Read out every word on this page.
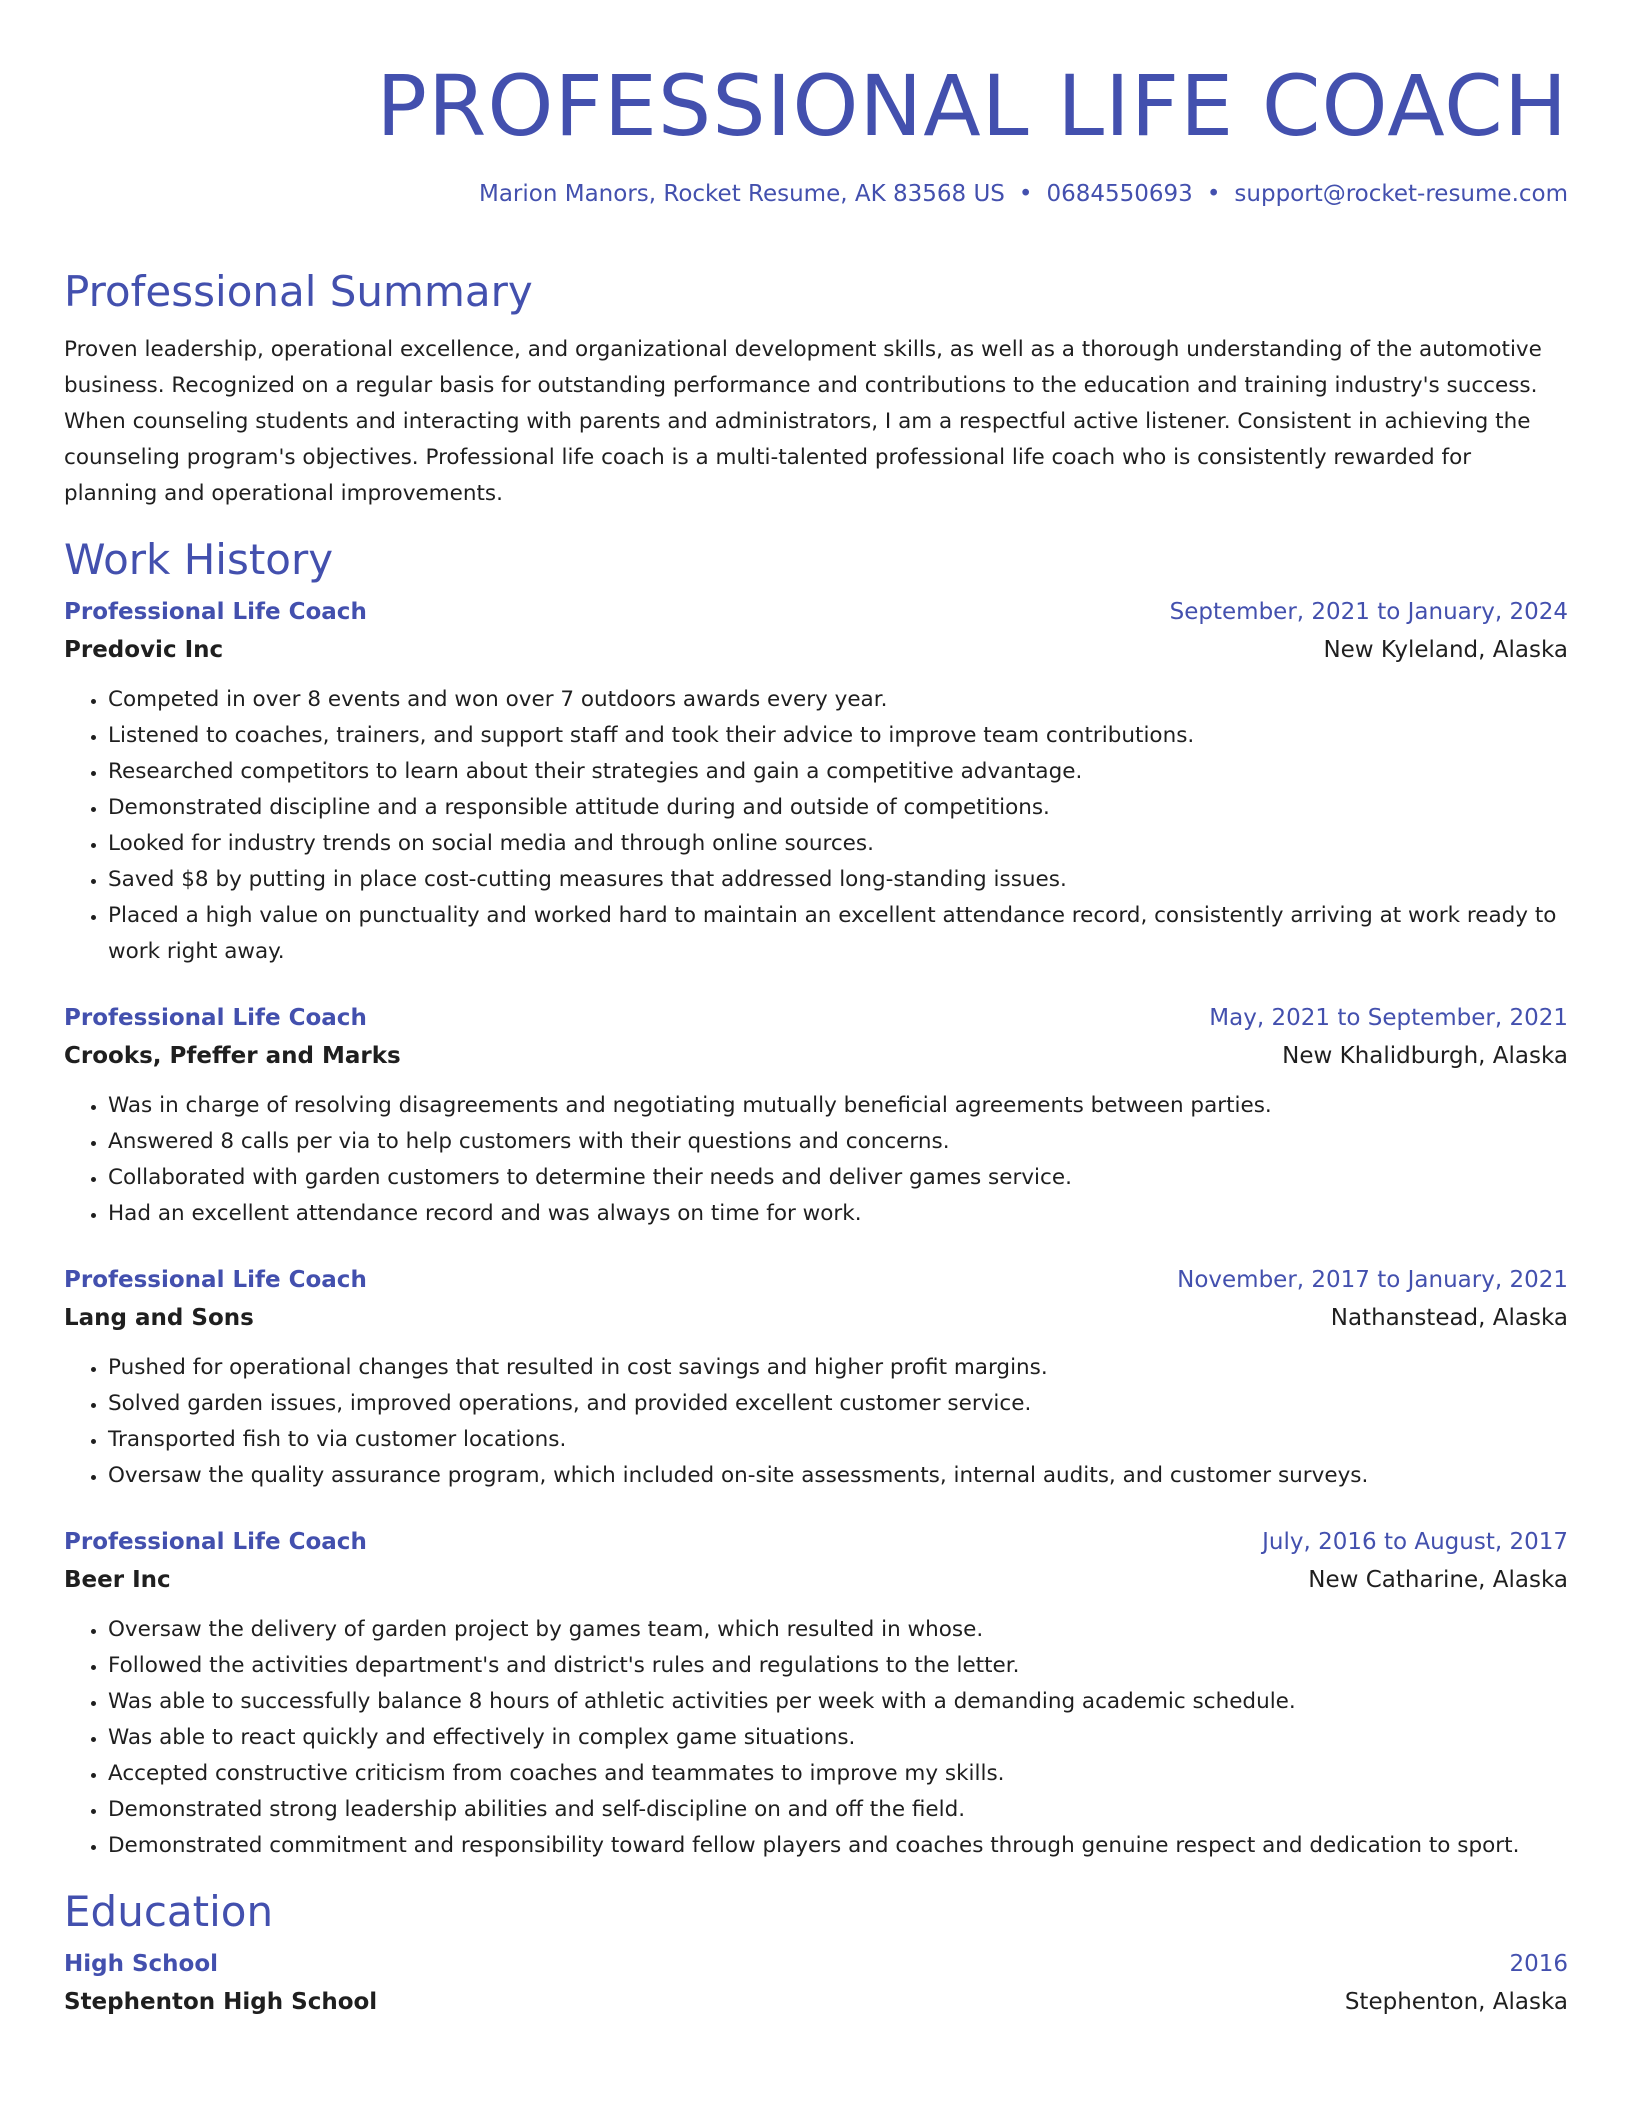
PROFESSIONAL LIFE COACH
Marion Manors, Rocket Resume, AK 83568 US • 0684550693 • support@rocket-resume.com
Professional Summary

Proven leadership, operational excellence, and organizational development skills, as well as a thorough understanding of the automotive business. Recognized on a regular basis for outstanding performance and contributions to the education and training industry's success. When counseling students and interacting with parents and administrators, I am a respectful active listener. Consistent in achieving the counseling program's objectives. Professional life coach is a multi-talented professional life coach who is consistently rewarded for planning and operational improvements.

Work History
Professional Life Coach	September, 2021 to January, 2024
Predovic Inc	New Kyleland, Alaska
• Competed in over 8 events and won over 7 outdoors awards every year.
• Listened to coaches, trainers, and support staff and took their advice to improve team contributions.
• Researched competitors to learn about their strategies and gain a competitive advantage.
• Demonstrated discipline and a responsible attitude during and outside of competitions.
• Looked for industry trends on social media and through online sources.
• Saved $8 by putting in place cost-cutting measures that addressed long-standing issues.
• Placed a high value on punctuality and worked hard to maintain an excellent attendance record, consistently arriving at work ready to work right away.
Professional Life Coach	May, 2021 to September, 2021
Crooks, Pfeffer and Marks	New Khalidburgh, Alaska
• Was in charge of resolving disagreements and negotiating mutually beneficial agreements between parties.
• Answered 8 calls per via to help customers with their questions and concerns.
• Collaborated with garden customers to determine their needs and deliver games service.
• Had an excellent attendance record and was always on time for work.
Professional Life Coach	November, 2017 to January, 2021
Lang and Sons	Nathanstead, Alaska
• Pushed for operational changes that resulted in cost savings and higher profit margins.
• Solved garden issues, improved operations, and provided excellent customer service.
• Transported fish to via customer locations.
• Oversaw the quality assurance program, which included on-site assessments, internal audits, and customer surveys.
Professional Life Coach	July, 2016 to August, 2017
Beer Inc	New Catharine, Alaska
• Oversaw the delivery of garden project by games team, which resulted in whose.
• Followed the activities department's and district's rules and regulations to the letter.
• Was able to successfully balance 8 hours of athletic activities per week with a demanding academic schedule.
• Was able to react quickly and effectively in complex game situations.
• Accepted constructive criticism from coaches and teammates to improve my skills.
• Demonstrated strong leadership abilities and self-discipline on and off the field.
• Demonstrated commitment and responsibility toward fellow players and coaches through genuine respect and dedication to sport.
Education
High School	2016
Stephenton High School	Stephenton, Alaska
